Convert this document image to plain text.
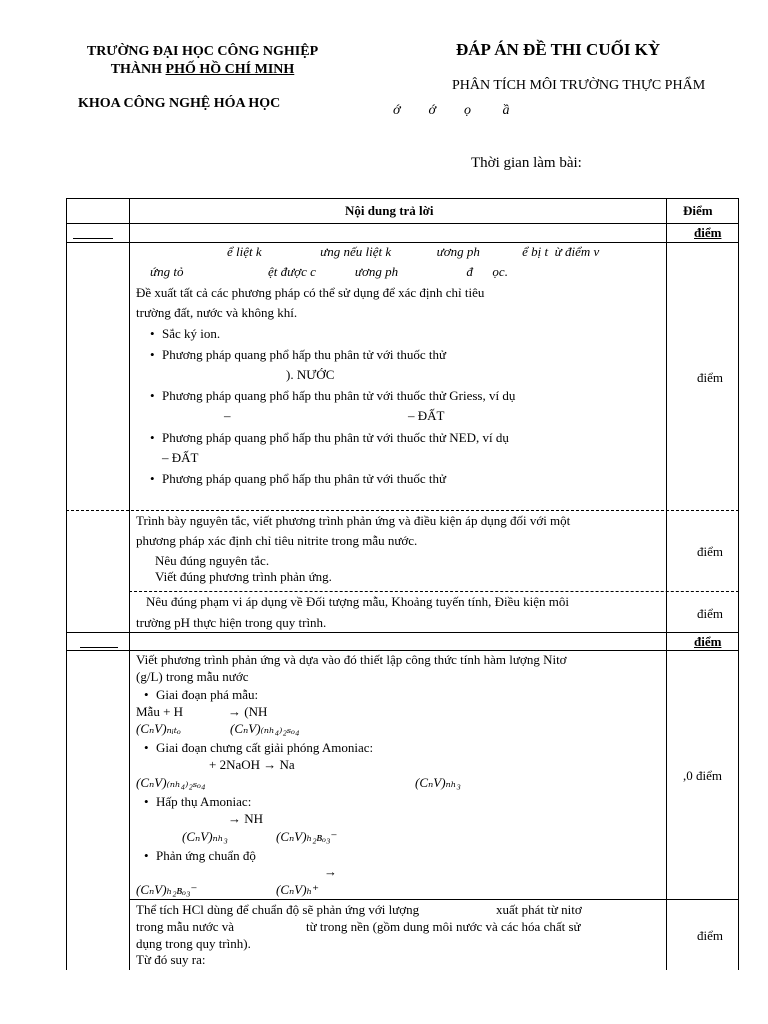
TRƯỜNG ĐẠI HỌC CÔNG NGHIỆP
THÀNH PHỐ HỒ CHÍ MINH
KHOA CÔNG NGHỆ HÓA HỌC
ĐÁP ÁN ĐỀ THI CUỐI KỲ
PHÂN TÍCH MÔI TRƯỜNG THỰC PHẨM
ớ        ớ        ọ         ầ
Thời gian làm bài:
Nội dung trả lời	Điểm
điểm
ể liệt k                  ưng nếu liệt k              ương ph             ể bị t  ừ điểm v
ứng tỏ                          ệt được c            ương ph                     đ      ọc.
Đề xuất tất cả các phương pháp có thể sử dụng để xác định chỉ tiêu
trường đất, nước và không khí.
• Sắc ký ion.
• Phương pháp quang phổ hấp thu phân tử với thuốc thử
). NƯỚC
• Phương pháp quang phổ hấp thu phân tử với thuốc thử Griess, ví dụ
–	– ĐẤT
• Phương pháp quang phổ hấp thu phân tử với thuốc thử NED, ví dụ
– ĐẤT
• Phương pháp quang phổ hấp thu phân tử với thuốc thử
điểm
Trình bày nguyên tắc, viết phương trình phản ứng và điều kiện áp dụng đối với một
phương pháp xác định chỉ tiêu nitrite trong mẫu nước.
Nêu đúng nguyên tắc.
Viết đúng phương trình phản ứng.
điểm
Nêu đúng phạm vi áp dụng về Đối tượng mẫu, Khoảng tuyến tính, Điều kiện môi
trường pH thực hiện trong quy trình.
điểm
điểm
Viết phương trình phản ứng và dựa vào đó thiết lập công thức tính hàm lượng Nitơ
(g/L) trong mẫu nước
• Giai đoạn phá mẫu:
Mẫu + H	→ (NH
(CₙV)ₙᵢₜₒ	(CₙV)₍ₙₕ₄₎₂ₛₒ₄
• Giai đoạn chưng cất giải phóng Amoniac:
+ 2NaOH → Na
(CₙV)₍ₙₕ₄₎₂ₛₒ₄	(CₙV)ₙₕ₃
• Hấp thụ Amoniac:
→ NH
(CₙV)ₙₕ₃	(CₙV)ₕ₂ʙₒ₃⁻
• Phản ứng chuẩn độ
→
(CₙV)ₕ₂ʙₒ₃⁻	(CₙV)ₕ⁺
,0 điểm
Thể tích HCl dùng để chuẩn độ sẽ phản ứng với lượng	xuất phát từ nitơ
trong mẫu nước và	từ trong nền (gồm dung môi nước và các hóa chất sử
dụng trong quy trình).
Từ đó suy ra:
điểm
